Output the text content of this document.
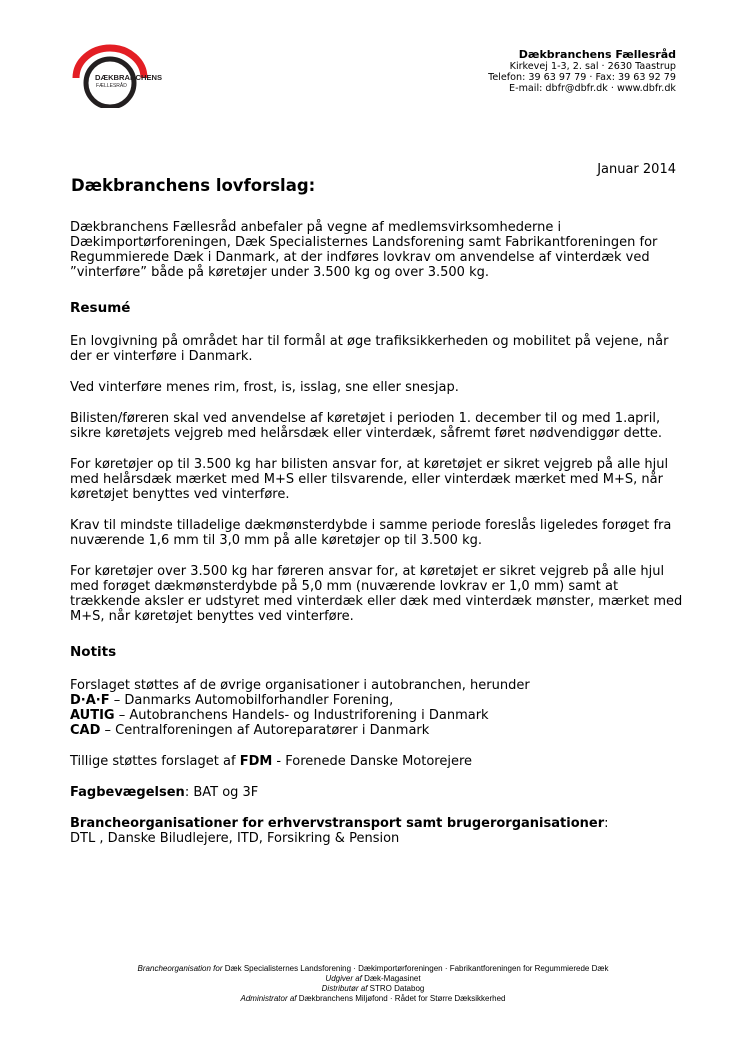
DÆKBRANCHENS
FÆLLESRÅD
Dækbranchens Fællesråd
Kirkevej 1-3, 2. sal · 2630 Taastrup
Telefon: 39 63 97 79 · Fax: 39 63 92 79
E-mail: dbfr@dbfr.dk · www.dbfr.dk
Januar 2014
Dækbranchens lovforslag:

Dækbranchens Fællesråd anbefaler på vegne af medlemsvirksomhederne i Dækimportørforeningen, Dæk Specialisternes Landsforening samt Fabrikantforeningen for Regummierede Dæk i Danmark, at der indføres lovkrav om anvendelse af vinterdæk ved ”vinterføre” både på køretøjer under 3.500 kg og over 3.500 kg.

Resumé

En lovgivning på området har til formål at øge trafiksikkerheden og mobilitet på vejene, når der er vinterføre i Danmark.

Ved vinterføre menes rim, frost, is, isslag, sne eller snesjap.

Bilisten/føreren skal ved anvendelse af køretøjet i perioden 1. december til og med 1.april, sikre køretøjets vejgreb med helårsdæk eller vinterdæk, såfremt føret nødvendiggør dette.

For køretøjer op til 3.500 kg har bilisten ansvar for, at køretøjet er sikret vejgreb på alle hjul med helårsdæk mærket med M+S eller tilsvarende, eller vinterdæk mærket med M+S, når køretøjet benyttes ved vinterføre.

Krav til mindste tilladelige dækmønsterdybde i samme periode foreslås ligeledes forøget fra nuværende 1,6 mm til 3,0 mm på alle køretøjer op til 3.500 kg.

For køretøjer over 3.500 kg har føreren ansvar for, at køretøjet er sikret vejgreb på alle hjul med forøget dækmønsterdybde på 5,0 mm (nuværende lovkrav er 1,0 mm) samt at trækkende aksler er udstyret med vinterdæk eller dæk med vinterdæk mønster, mærket med M+S, når køretøjet benyttes ved vinterføre.

Notits
Forslaget støttes af de øvrige organisationer i autobranchen, herunder
D·A·F – Danmarks Automobilforhandler Forening,
AUTIG – Autobranchens Handels- og Industriforening i Danmark
CAD – Centralforeningen af Autoreparatører i Danmark

Tillige støttes forslaget af FDM - Forenede Danske Motorejere

Fagbevægelsen: BAT og 3F

Brancheorganisationer for erhvervstransport samt brugerorganisationer:
DTL , Danske Biludlejere, ITD, Forsikring & Pension

Brancheorganisation for Dæk Specialisternes Landsforening · Dækimportørforeningen · Fabrikantforeningen for Regummierede Dæk
Udgiver af Dæk-Magasinet
Distributør af STRO Databog
Administrator af Dækbranchens Miljøfond · Rådet for Større Dæksikkerhed
